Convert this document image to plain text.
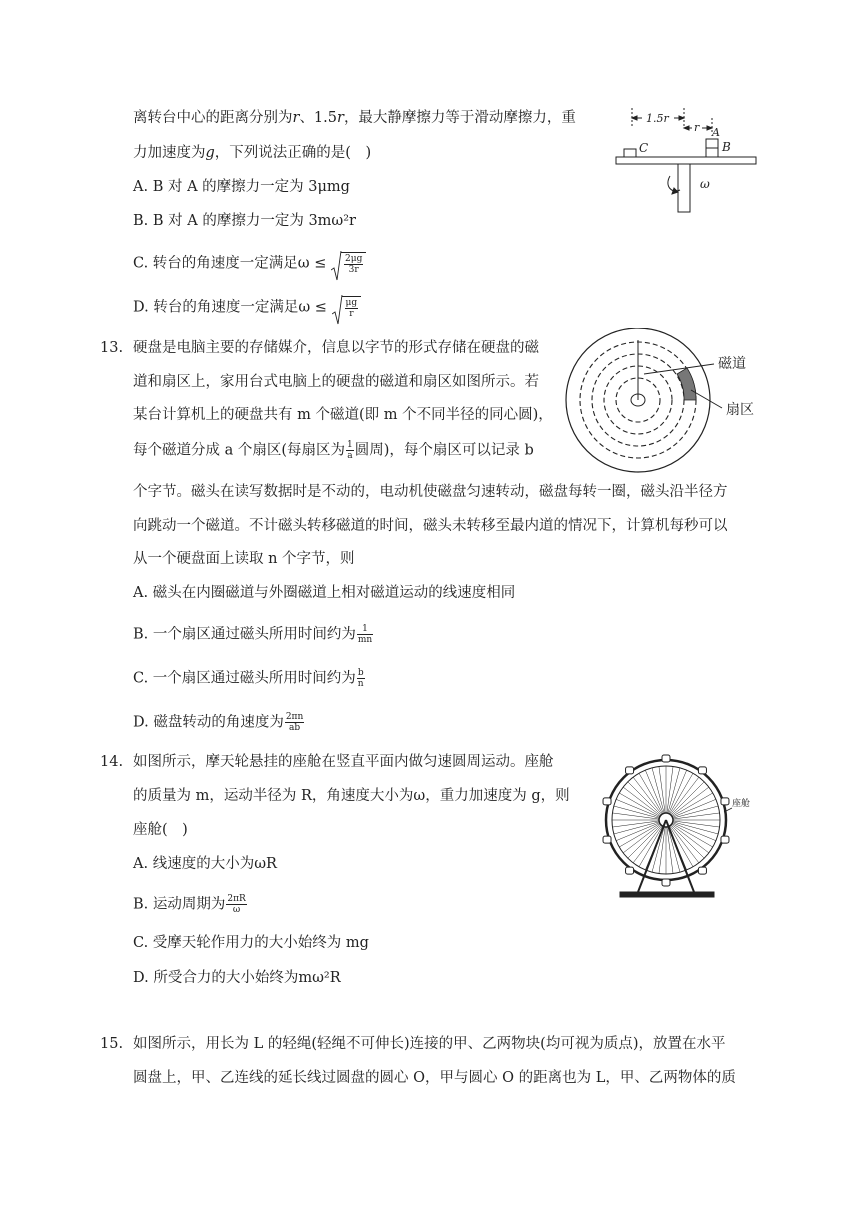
离转台中心的距离分别为r、1.5r，最大静摩擦力等于滑动摩擦力，重
力加速度为g，下列说法正确的是(　)
A. B 对 A 的摩擦力一定为 3μmg
B. B 对 A 的摩擦力一定为 3mω²r
C. 转台的角速度一定满足$\omega \le \frac{2\mu g}{3r}$
D. 转台的角速度一定满足$\omega \le \frac{\mu g}{r}$
1.5r
r A
B
C
ω
13. 硬盘是电脑主要的存储媒介，信息以字节的形式存储在硬盘的磁
道和扇区上，家用台式电脑上的硬盘的磁道和扇区如图所示。若
某台计算机上的硬盘共有 m 个磁道(即 m 个不同半径的同心圆)，
每个磁道分成 a 个扇区(每扇区为 $\frac{1}{a}$ 圆周)，每个扇区可以记录 b
个字节。磁头在读写数据时是不动的，电动机使磁盘匀速转动，磁盘每转一圈，磁头沿半径方
向跳动一个磁道。不计磁头转移磁道的时间，磁头未转移至最内道的情况下，计算机每秒可以
从一个硬盘面上读取 n 个字节，则
A. 磁头在内圈磁道与外圈磁道上相对磁道运动的线速度相同
B. 一个扇区通过磁头所用时间约为 $\frac{1}{mn}$
C. 一个扇区通过磁头所用时间约为 $\frac{b}{n}$
D. 磁盘转动的角速度为 $\frac{2\pi n}{ab}$
磁道
扇区
14. 如图所示，摩天轮悬挂的座舱在竖直平面内做匀速圆周运动。座舱
的质量为 m，运动半径为 R，角速度大小为ω，重力加速度为 g，则
座舱(　)
A. 线速度的大小为ωR
B. 运动周期为 $\frac{2\pi R}{\omega}$
C. 受摩天轮作用力的大小始终为 mg
D. 所受合力的大小始终为mω²R
座舱
15. 如图所示，用长为 L 的轻绳(轻绳不可伸长)连接的甲、乙两物块(均可视为质点)，放置在水平
圆盘上，甲、乙连线的延长线过圆盘的圆心 O，甲与圆心 O 的距离也为 L，甲、乙两物体的质
